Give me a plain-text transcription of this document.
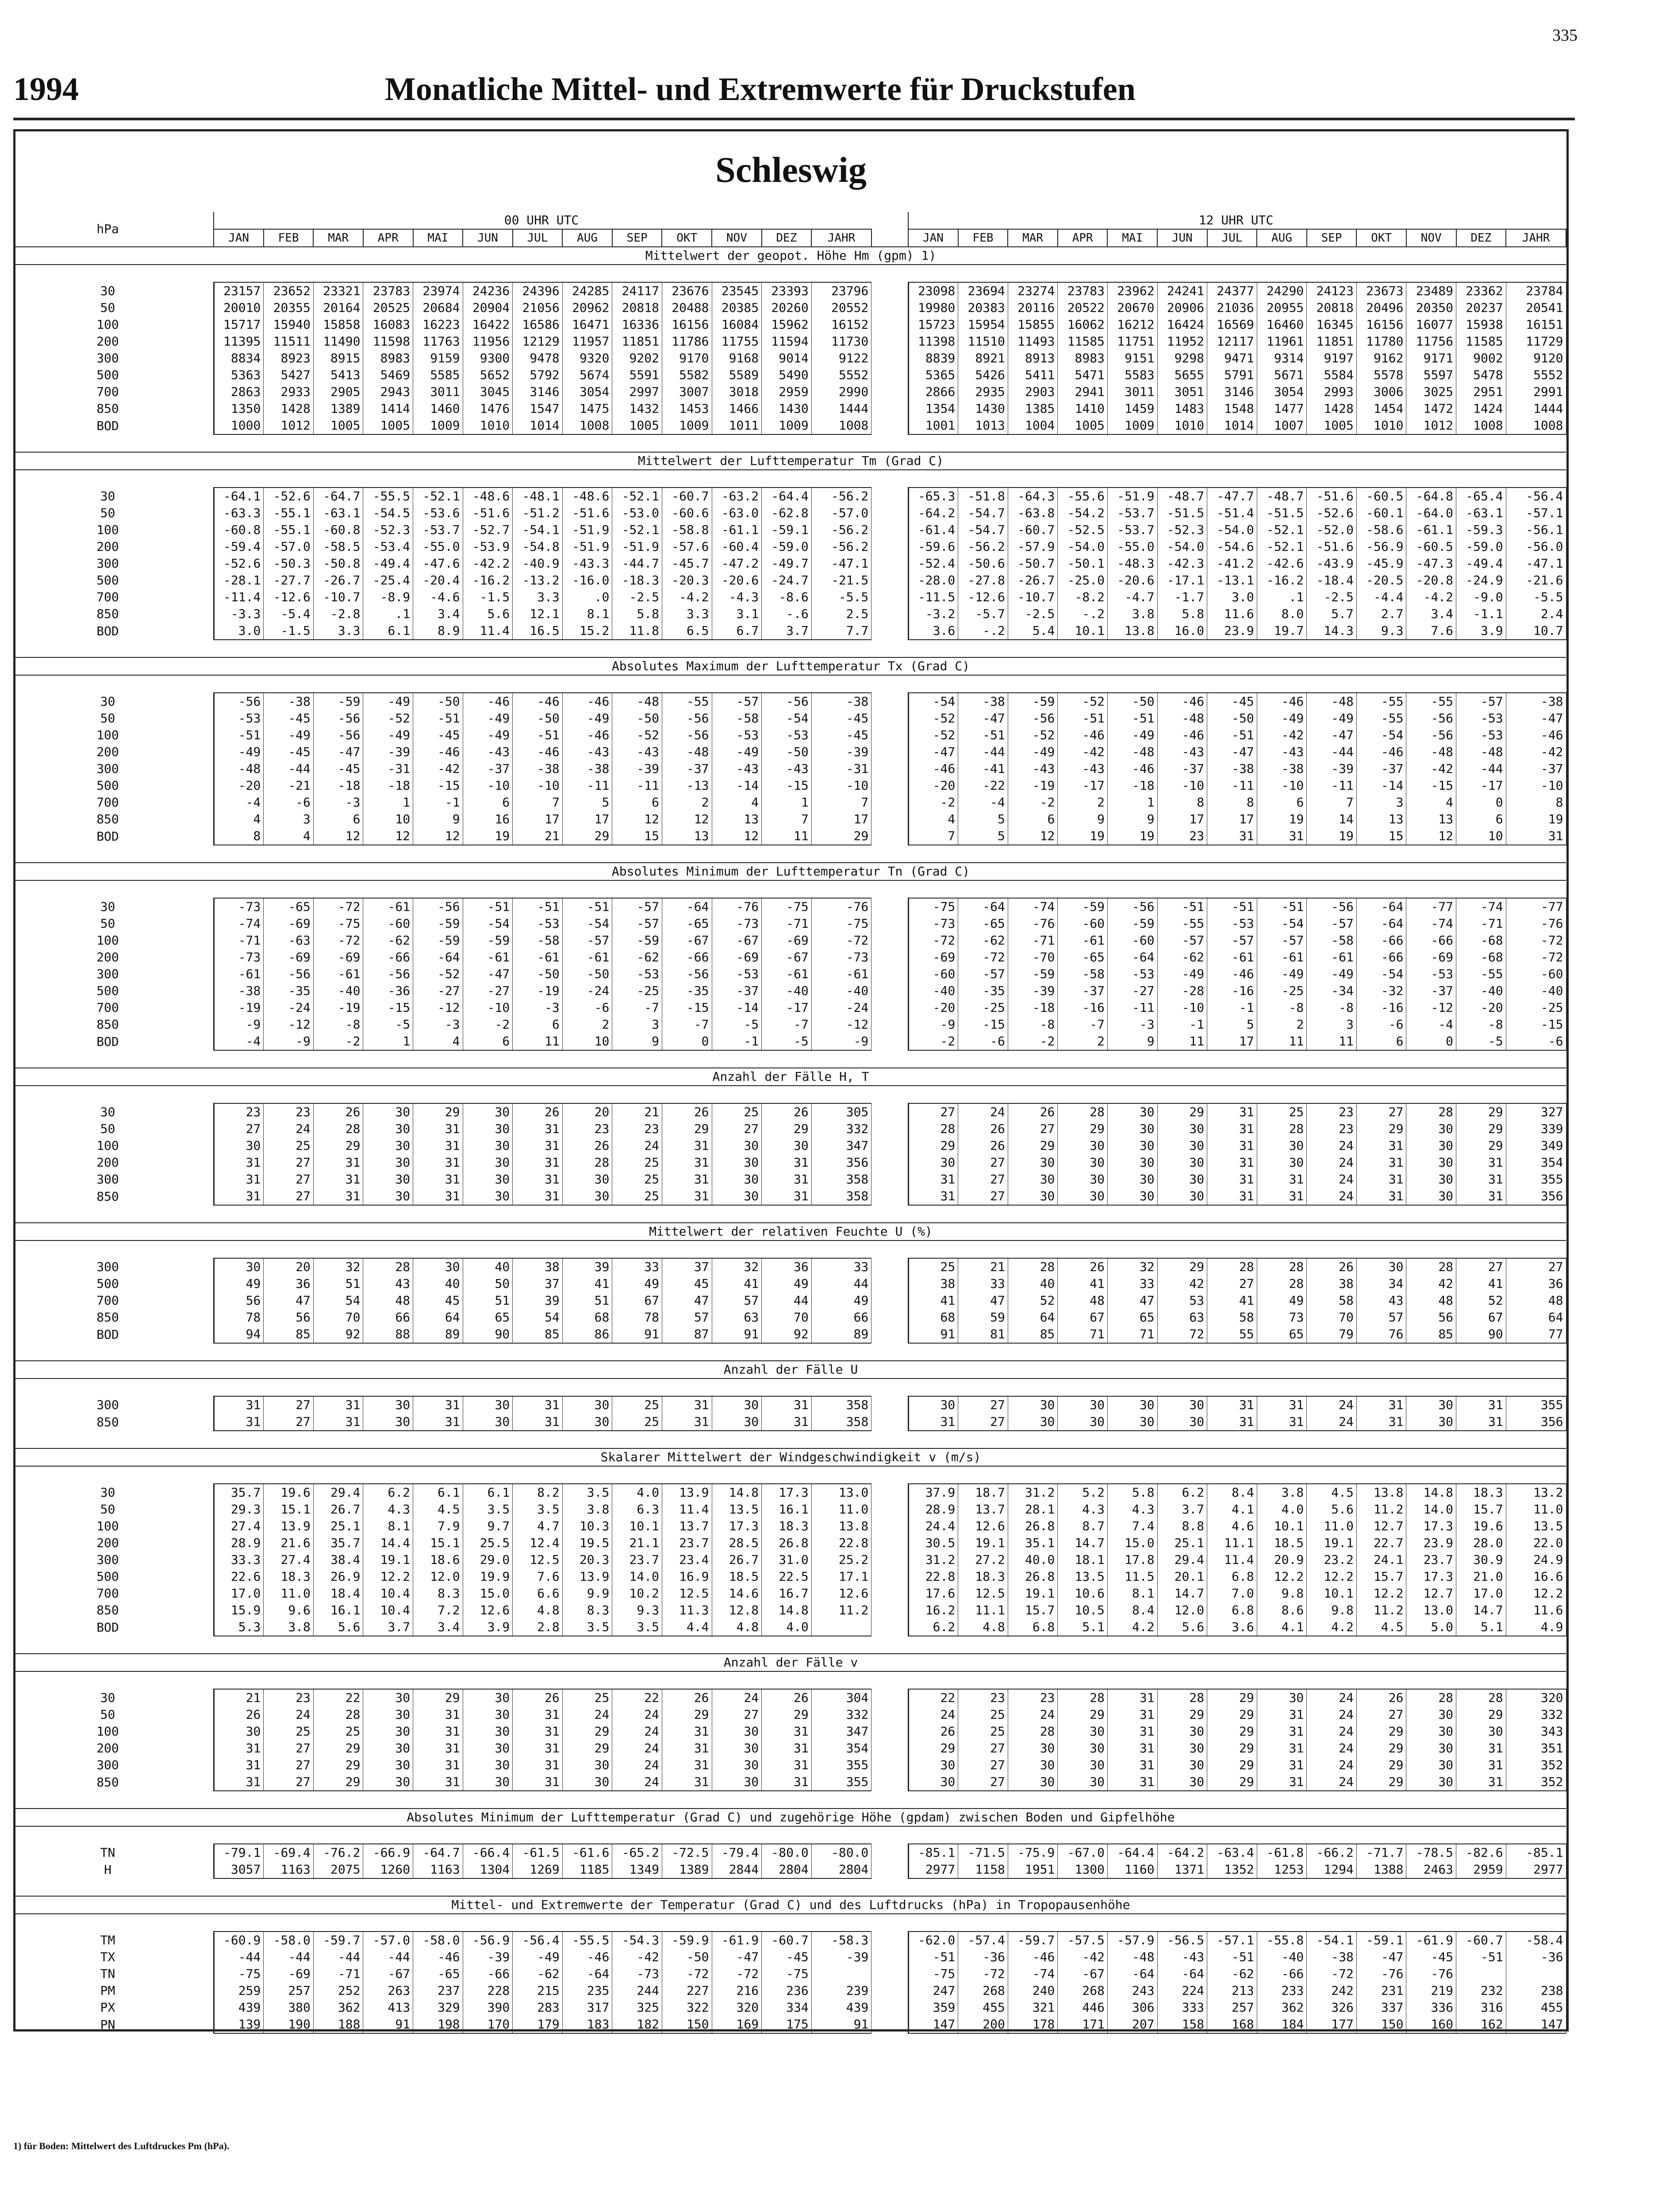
335
1994	Monatliche Mittel- und Extremwerte für Druckstufen
Schleswig
hPa		00 UHR UTC														12 UHR UTC												
		JAN	FEB	MAR	APR	MAI	JUN	JUL	AUG	SEP	OKT	NOV	DEZ	JAHR		JAN	FEB	MAR	APR	MAI	JUN	JUL	AUG	SEP	OKT	NOV	DEZ	JAHR
Mittelwert der geopot. Höhe Hm (gpm) 1)																												

30		23157	23652	23321	23783	23974	24236	24396	24285	24117	23676	23545	23393	23796		23098	23694	23274	23783	23962	24241	24377	24290	24123	23673	23489	23362	23784
50		20010	20355	20164	20525	20684	20904	21056	20962	20818	20488	20385	20260	20552		19980	20383	20116	20522	20670	20906	21036	20955	20818	20496	20350	20237	20541
100		15717	15940	15858	16083	16223	16422	16586	16471	16336	16156	16084	15962	16152		15723	15954	15855	16062	16212	16424	16569	16460	16345	16156	16077	15938	16151
200		11395	11511	11490	11598	11763	11956	12129	11957	11851	11786	11755	11594	11730		11398	11510	11493	11585	11751	11952	12117	11961	11851	11780	11756	11585	11729
300		8834	8923	8915	8983	9159	9300	9478	9320	9202	9170	9168	9014	9122		8839	8921	8913	8983	9151	9298	9471	9314	9197	9162	9171	9002	9120
500		5363	5427	5413	5469	5585	5652	5792	5674	5591	5582	5589	5490	5552		5365	5426	5411	5471	5583	5655	5791	5671	5584	5578	5597	5478	5552
700		2863	2933	2905	2943	3011	3045	3146	3054	2997	3007	3018	2959	2990		2866	2935	2903	2941	3011	3051	3146	3054	2993	3006	3025	2951	2991
850		1350	1428	1389	1414	1460	1476	1547	1475	1432	1453	1466	1430	1444		1354	1430	1385	1410	1459	1483	1548	1477	1428	1454	1472	1424	1444
BOD		1000	1012	1005	1005	1009	1010	1014	1008	1005	1009	1011	1009	1008		1001	1013	1004	1005	1009	1010	1014	1007	1005	1010	1012	1008	1008

Mittelwert der Lufttemperatur Tm (Grad C)																												

30		-64.1	-52.6	-64.7	-55.5	-52.1	-48.6	-48.1	-48.6	-52.1	-60.7	-63.2	-64.4	-56.2		-65.3	-51.8	-64.3	-55.6	-51.9	-48.7	-47.7	-48.7	-51.6	-60.5	-64.8	-65.4	-56.4
50		-63.3	-55.1	-63.1	-54.5	-53.6	-51.6	-51.2	-51.6	-53.0	-60.6	-63.0	-62.8	-57.0		-64.2	-54.7	-63.8	-54.2	-53.7	-51.5	-51.4	-51.5	-52.6	-60.1	-64.0	-63.1	-57.1
100		-60.8	-55.1	-60.8	-52.3	-53.7	-52.7	-54.1	-51.9	-52.1	-58.8	-61.1	-59.1	-56.2		-61.4	-54.7	-60.7	-52.5	-53.7	-52.3	-54.0	-52.1	-52.0	-58.6	-61.1	-59.3	-56.1
200		-59.4	-57.0	-58.5	-53.4	-55.0	-53.9	-54.8	-51.9	-51.9	-57.6	-60.4	-59.0	-56.2		-59.6	-56.2	-57.9	-54.0	-55.0	-54.0	-54.6	-52.1	-51.6	-56.9	-60.5	-59.0	-56.0
300		-52.6	-50.3	-50.8	-49.4	-47.6	-42.2	-40.9	-43.3	-44.7	-45.7	-47.2	-49.7	-47.1		-52.4	-50.6	-50.7	-50.1	-48.3	-42.3	-41.2	-42.6	-43.9	-45.9	-47.3	-49.4	-47.1
500		-28.1	-27.7	-26.7	-25.4	-20.4	-16.2	-13.2	-16.0	-18.3	-20.3	-20.6	-24.7	-21.5		-28.0	-27.8	-26.7	-25.0	-20.6	-17.1	-13.1	-16.2	-18.4	-20.5	-20.8	-24.9	-21.6
700		-11.4	-12.6	-10.7	-8.9	-4.6	-1.5	3.3	.0	-2.5	-4.2	-4.3	-8.6	-5.5		-11.5	-12.6	-10.7	-8.2	-4.7	-1.7	3.0	.1	-2.5	-4.4	-4.2	-9.0	-5.5
850		-3.3	-5.4	-2.8	.1	3.4	5.6	12.1	8.1	5.8	3.3	3.1	-.6	2.5		-3.2	-5.7	-2.5	-.2	3.8	5.8	11.6	8.0	5.7	2.7	3.4	-1.1	2.4
BOD		3.0	-1.5	3.3	6.1	8.9	11.4	16.5	15.2	11.8	6.5	6.7	3.7	7.7		3.6	-.2	5.4	10.1	13.8	16.0	23.9	19.7	14.3	9.3	7.6	3.9	10.7

Absolutes Maximum der Lufttemperatur Tx (Grad C)																												

30		-56	-38	-59	-49	-50	-46	-46	-46	-48	-55	-57	-56	-38		-54	-38	-59	-52	-50	-46	-45	-46	-48	-55	-55	-57	-38
50		-53	-45	-56	-52	-51	-49	-50	-49	-50	-56	-58	-54	-45		-52	-47	-56	-51	-51	-48	-50	-49	-49	-55	-56	-53	-47
100		-51	-49	-56	-49	-45	-49	-51	-46	-52	-56	-53	-53	-45		-52	-51	-52	-46	-49	-46	-51	-42	-47	-54	-56	-53	-46
200		-49	-45	-47	-39	-46	-43	-46	-43	-43	-48	-49	-50	-39		-47	-44	-49	-42	-48	-43	-47	-43	-44	-46	-48	-48	-42
300		-48	-44	-45	-31	-42	-37	-38	-38	-39	-37	-43	-43	-31		-46	-41	-43	-43	-46	-37	-38	-38	-39	-37	-42	-44	-37
500		-20	-21	-18	-18	-15	-10	-10	-11	-11	-13	-14	-15	-10		-20	-22	-19	-17	-18	-10	-11	-10	-11	-14	-15	-17	-10
700		-4	-6	-3	1	-1	6	7	5	6	2	4	1	7		-2	-4	-2	2	1	8	8	6	7	3	4	0	8
850		4	3	6	10	9	16	17	17	12	12	13	7	17		4	5	6	9	9	17	17	19	14	13	13	6	19
BOD		8	4	12	12	12	19	21	29	15	13	12	11	29		7	5	12	19	19	23	31	31	19	15	12	10	31

Absolutes Minimum der Lufttemperatur Tn (Grad C)																												

30		-73	-65	-72	-61	-56	-51	-51	-51	-57	-64	-76	-75	-76		-75	-64	-74	-59	-56	-51	-51	-51	-56	-64	-77	-74	-77
50		-74	-69	-75	-60	-59	-54	-53	-54	-57	-65	-73	-71	-75		-73	-65	-76	-60	-59	-55	-53	-54	-57	-64	-74	-71	-76
100		-71	-63	-72	-62	-59	-59	-58	-57	-59	-67	-67	-69	-72		-72	-62	-71	-61	-60	-57	-57	-57	-58	-66	-66	-68	-72
200		-73	-69	-69	-66	-64	-61	-61	-61	-62	-66	-69	-67	-73		-69	-72	-70	-65	-64	-62	-61	-61	-61	-66	-69	-68	-72
300		-61	-56	-61	-56	-52	-47	-50	-50	-53	-56	-53	-61	-61		-60	-57	-59	-58	-53	-49	-46	-49	-49	-54	-53	-55	-60
500		-38	-35	-40	-36	-27	-27	-19	-24	-25	-35	-37	-40	-40		-40	-35	-39	-37	-27	-28	-16	-25	-34	-32	-37	-40	-40
700		-19	-24	-19	-15	-12	-10	-3	-6	-7	-15	-14	-17	-24		-20	-25	-18	-16	-11	-10	-1	-8	-8	-16	-12	-20	-25
850		-9	-12	-8	-5	-3	-2	6	2	3	-7	-5	-7	-12		-9	-15	-8	-7	-3	-1	5	2	3	-6	-4	-8	-15
BOD		-4	-9	-2	1	4	6	11	10	9	0	-1	-5	-9		-2	-6	-2	2	9	11	17	11	11	6	0	-5	-6

Anzahl der Fälle H, T																												

30		23	23	26	30	29	30	26	20	21	26	25	26	305		27	24	26	28	30	29	31	25	23	27	28	29	327
50		27	24	28	30	31	30	31	23	23	29	27	29	332		28	26	27	29	30	30	31	28	23	29	30	29	339
100		30	25	29	30	31	30	31	26	24	31	30	30	347		29	26	29	30	30	30	31	30	24	31	30	29	349
200		31	27	31	30	31	30	31	28	25	31	30	31	356		30	27	30	30	30	30	31	30	24	31	30	31	354
300		31	27	31	30	31	30	31	30	25	31	30	31	358		31	27	30	30	30	30	31	31	24	31	30	31	355
850		31	27	31	30	31	30	31	30	25	31	30	31	358		31	27	30	30	30	30	31	31	24	31	30	31	356

Mittelwert der relativen Feuchte U (%)																												

300		30	20	32	28	30	40	38	39	33	37	32	36	33		25	21	28	26	32	29	28	28	26	30	28	27	27
500		49	36	51	43	40	50	37	41	49	45	41	49	44		38	33	40	41	33	42	27	28	38	34	42	41	36
700		56	47	54	48	45	51	39	51	67	47	57	44	49		41	47	52	48	47	53	41	49	58	43	48	52	48
850		78	56	70	66	64	65	54	68	78	57	63	70	66		68	59	64	67	65	63	58	73	70	57	56	67	64
BOD		94	85	92	88	89	90	85	86	91	87	91	92	89		91	81	85	71	71	72	55	65	79	76	85	90	77

Anzahl der Fälle U																												

300		31	27	31	30	31	30	31	30	25	31	30	31	358		30	27	30	30	30	30	31	31	24	31	30	31	355
850		31	27	31	30	31	30	31	30	25	31	30	31	358		31	27	30	30	30	30	31	31	24	31	30	31	356

Skalarer Mittelwert der Windgeschwindigkeit v (m/s)																												

30		35.7	19.6	29.4	6.2	6.1	6.1	8.2	3.5	4.0	13.9	14.8	17.3	13.0		37.9	18.7	31.2	5.2	5.8	6.2	8.4	3.8	4.5	13.8	14.8	18.3	13.2
50		29.3	15.1	26.7	4.3	4.5	3.5	3.5	3.8	6.3	11.4	13.5	16.1	11.0		28.9	13.7	28.1	4.3	4.3	3.7	4.1	4.0	5.6	11.2	14.0	15.7	11.0
100		27.4	13.9	25.1	8.1	7.9	9.7	4.7	10.3	10.1	13.7	17.3	18.3	13.8		24.4	12.6	26.8	8.7	7.4	8.8	4.6	10.1	11.0	12.7	17.3	19.6	13.5
200		28.9	21.6	35.7	14.4	15.1	25.5	12.4	19.5	21.1	23.7	28.5	26.8	22.8		30.5	19.1	35.1	14.7	15.0	25.1	11.1	18.5	19.1	22.7	23.9	28.0	22.0
300		33.3	27.4	38.4	19.1	18.6	29.0	12.5	20.3	23.7	23.4	26.7	31.0	25.2		31.2	27.2	40.0	18.1	17.8	29.4	11.4	20.9	23.2	24.1	23.7	30.9	24.9
500		22.6	18.3	26.9	12.2	12.0	19.9	7.6	13.9	14.0	16.9	18.5	22.5	17.1		22.8	18.3	26.8	13.5	11.5	20.1	6.8	12.2	12.2	15.7	17.3	21.0	16.6
700		17.0	11.0	18.4	10.4	8.3	15.0	6.6	9.9	10.2	12.5	14.6	16.7	12.6		17.6	12.5	19.1	10.6	8.1	14.7	7.0	9.8	10.1	12.2	12.7	17.0	12.2
850		15.9	9.6	16.1	10.4	7.2	12.6	4.8	8.3	9.3	11.3	12.8	14.8	11.2		16.2	11.1	15.7	10.5	8.4	12.0	6.8	8.6	9.8	11.2	13.0	14.7	11.6
BOD		5.3	3.8	5.6	3.7	3.4	3.9	2.8	3.5	3.5	4.4	4.8	4.0			6.2	4.8	6.8	5.1	4.2	5.6	3.6	4.1	4.2	4.5	5.0	5.1	4.9

Anzahl der Fälle v																												

30		21	23	22	30	29	30	26	25	22	26	24	26	304		22	23	23	28	31	28	29	30	24	26	28	28	320
50		26	24	28	30	31	30	31	24	24	29	27	29	332		24	25	24	29	31	29	29	31	24	27	30	29	332
100		30	25	25	30	31	30	31	29	24	31	30	31	347		26	25	28	30	31	30	29	31	24	29	30	30	343
200		31	27	29	30	31	30	31	29	24	31	30	31	354		29	27	30	30	31	30	29	31	24	29	30	31	351
300		31	27	29	30	31	30	31	30	24	31	30	31	355		30	27	30	30	31	30	29	31	24	29	30	31	352
850		31	27	29	30	31	30	31	30	24	31	30	31	355		30	27	30	30	31	30	29	31	24	29	30	31	352

Absolutes Minimum der Lufttemperatur (Grad C) und zugehörige Höhe (gpdam) zwischen Boden und Gipfelhöhe																												

TN		-79.1	-69.4	-76.2	-66.9	-64.7	-66.4	-61.5	-61.6	-65.2	-72.5	-79.4	-80.0	-80.0		-85.1	-71.5	-75.9	-67.0	-64.4	-64.2	-63.4	-61.8	-66.2	-71.7	-78.5	-82.6	-85.1
H		3057	1163	2075	1260	1163	1304	1269	1185	1349	1389	2844	2804	2804		2977	1158	1951	1300	1160	1371	1352	1253	1294	1388	2463	2959	2977

Mittel- und Extremwerte der Temperatur (Grad C) und des Luftdrucks (hPa) in Tropopausenhöhe																												

TM		-60.9	-58.0	-59.7	-57.0	-58.0	-56.9	-56.4	-55.5	-54.3	-59.9	-61.9	-60.7	-58.3		-62.0	-57.4	-59.7	-57.5	-57.9	-56.5	-57.1	-55.8	-54.1	-59.1	-61.9	-60.7	-58.4
TX		-44	-44	-44	-44	-46	-39	-49	-46	-42	-50	-47	-45	-39		-51	-36	-46	-42	-48	-43	-51	-40	-38	-47	-45	-51	-36
TN		-75	-69	-71	-67	-65	-66	-62	-64	-73	-72	-72	-75			-75	-72	-74	-67	-64	-64	-62	-66	-72	-76	-76		
PM		259	257	252	263	237	228	215	235	244	227	216	236	239		247	268	240	268	243	224	213	233	242	231	219	232	238
PX		439	380	362	413	329	390	283	317	325	322	320	334	439		359	455	321	446	306	333	257	362	326	337	336	316	455
PN		139	190	188	91	198	170	179	183	182	150	169	175	91		147	200	178	171	207	158	168	184	177	150	160	162	147

1) für Boden: Mittelwert des Luftdruckes Pm (hPa).
